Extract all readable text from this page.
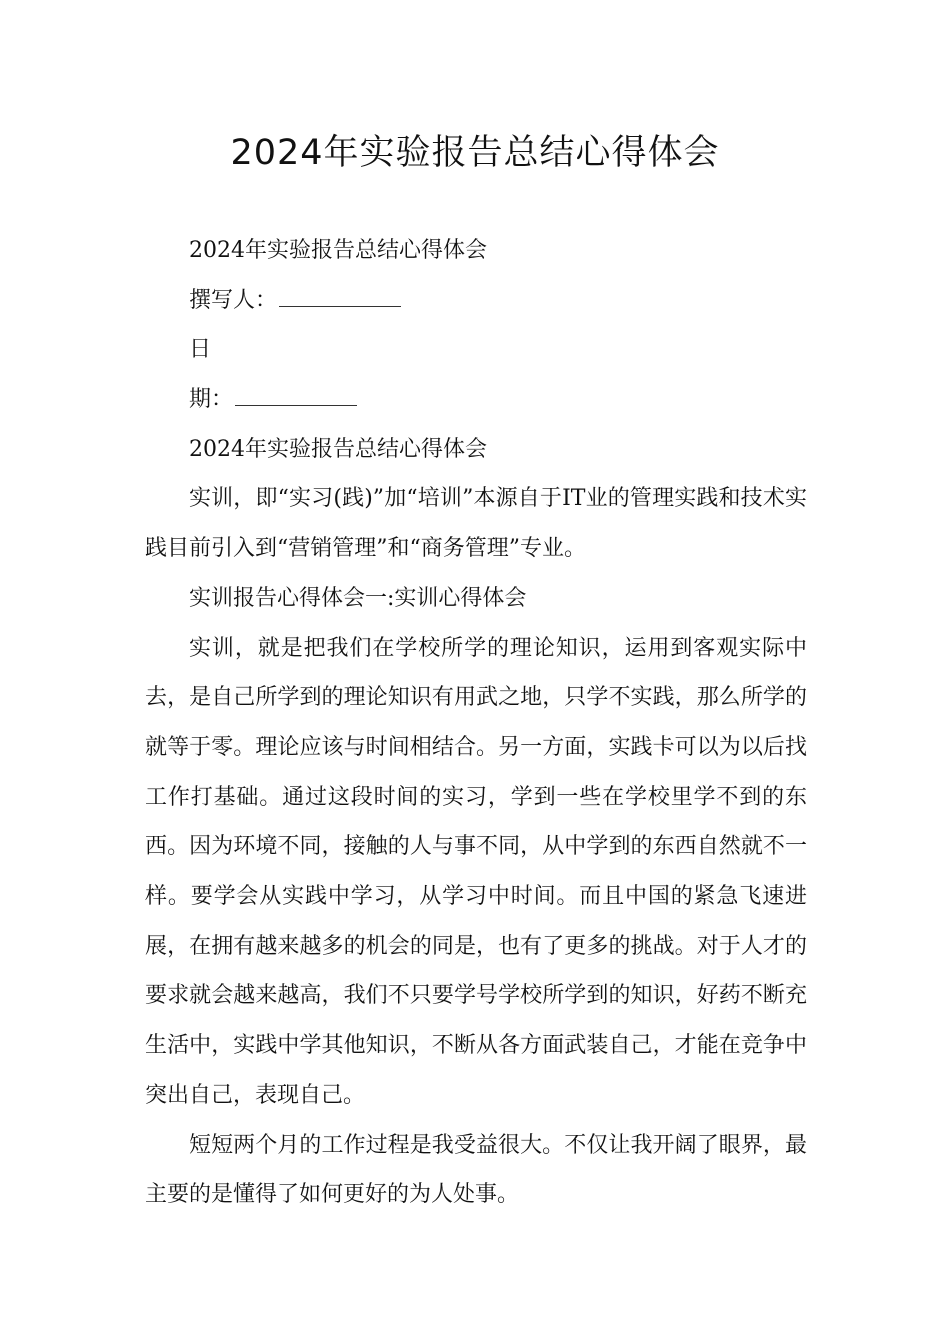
2024年实验报告总结心得体会

2024年实验报告总结心得体会

撰写人：

日

期：

2024年实验报告总结心得体会

实训，即“实习(践)”加“培训”本源自于IT业的管理实践和技术实践目前引入到“营销管理”和“商务管理”专业。

实训报告心得体会一:实训心得体会

实训，就是把我们在学校所学的理论知识，运用到客观实际中去，是自己所学到的理论知识有用武之地，只学不实践，那么所学的就等于零。理论应该与时间相结合。另一方面，实践卡可以为以后找工作打基础。通过这段时间的实习，学到一些在学校里学不到的东西。因为环境不同，接触的人与事不同，从中学到的东西自然就不一样。要学会从实践中学习，从学习中时间。而且中国的紧急飞速进展，在拥有越来越多的机会的同是，也有了更多的挑战。对于人才的要求就会越来越高，我们不只要学号学校所学到的知识，好药不断充生活中，实践中学其他知识，不断从各方面武装自己，才能在竞争中突出自己，表现自己。

短短两个月的工作过程是我受益很大。不仅让我开阔了眼界，最主要的是懂得了如何更好的为人处事。
